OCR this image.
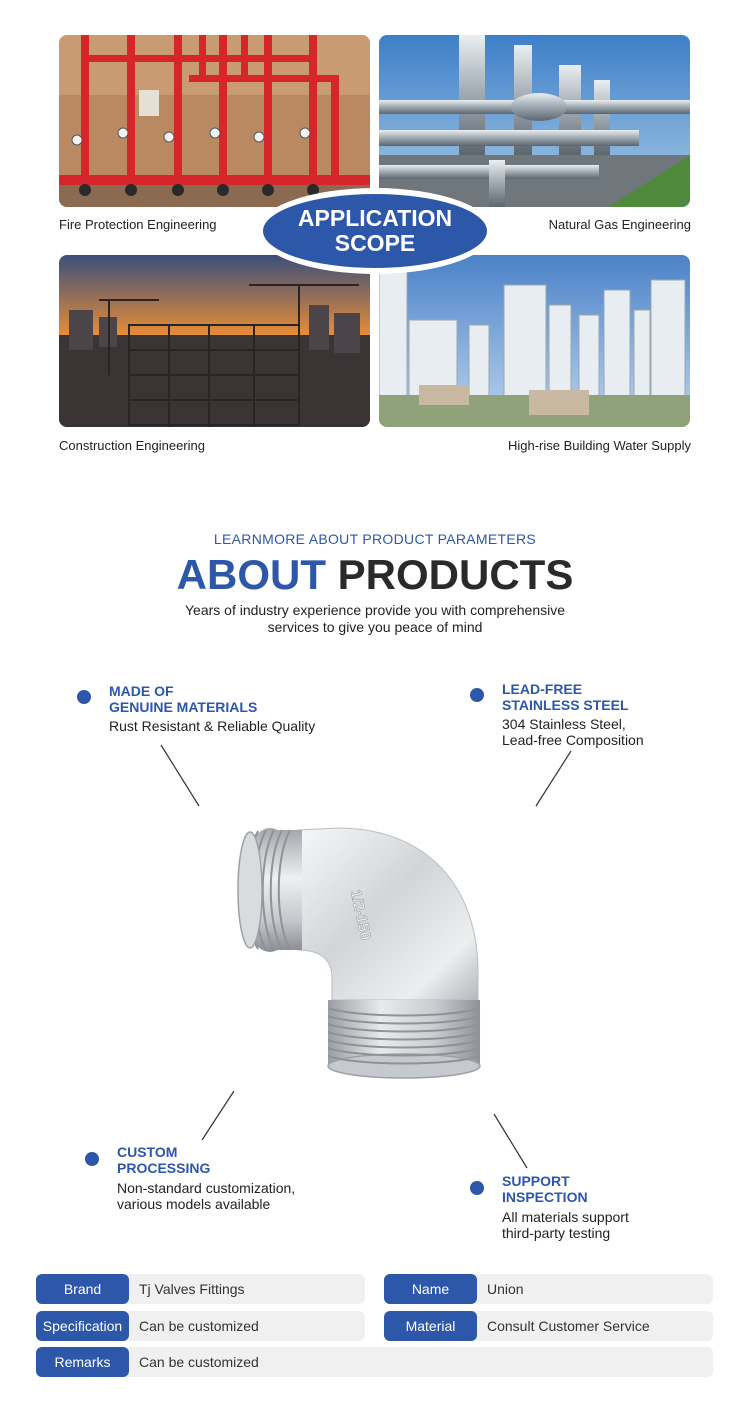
Fire Protection Engineering	Natural Gas Engineering
Construction Engineering	High-rise Building Water Supply
APPLICATION
SCOPE
LEARNMORE ABOUT PRODUCT PARAMETERS
ABOUT PRODUCTS
Years of industry experience provide you with comprehensive
services to give you peace of mind
MADE OF
GENUINE MATERIALS
Rust Resistant & Reliable Quality
LEAD-FREE
STAINLESS STEEL
304 Stainless Steel,
Lead-free Composition
CUSTOM
PROCESSING
Non-standard customization,
various models available
SUPPORT
INSPECTION
All materials support
third-party testing
1/2-150
Brand	Tj Valves Fittings	Name	Union
Specification	Can be customized	Material	Consult Customer Service
Remarks	Can be customized
